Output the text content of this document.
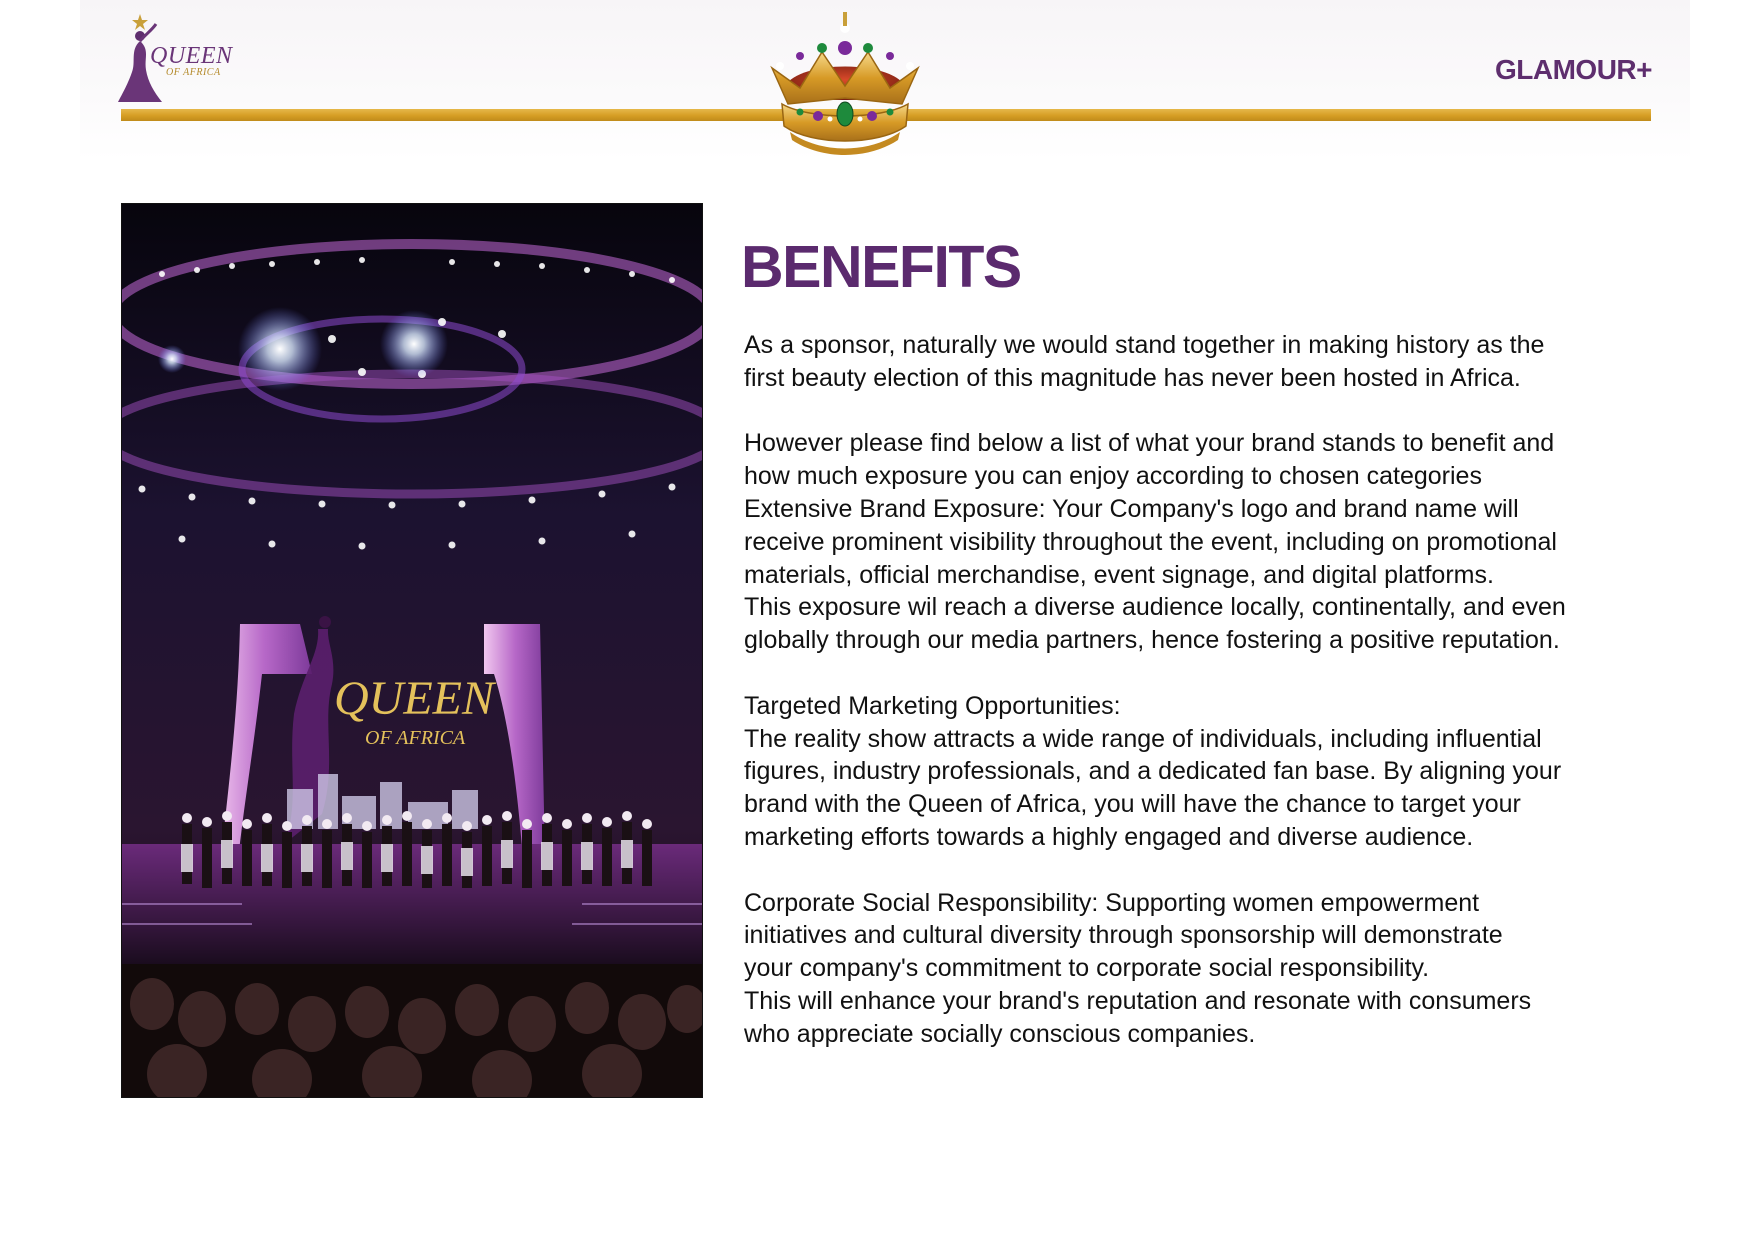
QUEEN
OF AFRICA	GLAMOUR+
QUEEN
OF AFRICA
BENEFITS

As a sponsor, naturally we would stand together in making history as the
first beauty election of this magnitude has never been hosted in Africa.

However please find below a list of what your brand stands to benefit and
how much exposure you can enjoy according to chosen categories
Extensive Brand Exposure: Your Company's logo and brand name will
receive prominent visibility throughout the event, including on promotional
materials, official merchandise, event signage, and digital platforms.
This exposure wil reach a diverse audience locally, continentally, and even
globally through our media partners, hence fostering a positive reputation.

Targeted Marketing Opportunities:
The reality show attracts a wide range of individuals, including influential
figures, industry professionals, and a dedicated fan base. By aligning your
brand with the Queen of Africa, you will have the chance to target your
marketing efforts towards a highly engaged and diverse audience.

Corporate Social Responsibility: Supporting women empowerment
initiatives and cultural diversity through sponsorship will demonstrate
your company's commitment to corporate social responsibility.
This will enhance your brand's reputation and resonate with consumers
who appreciate socially conscious companies.
